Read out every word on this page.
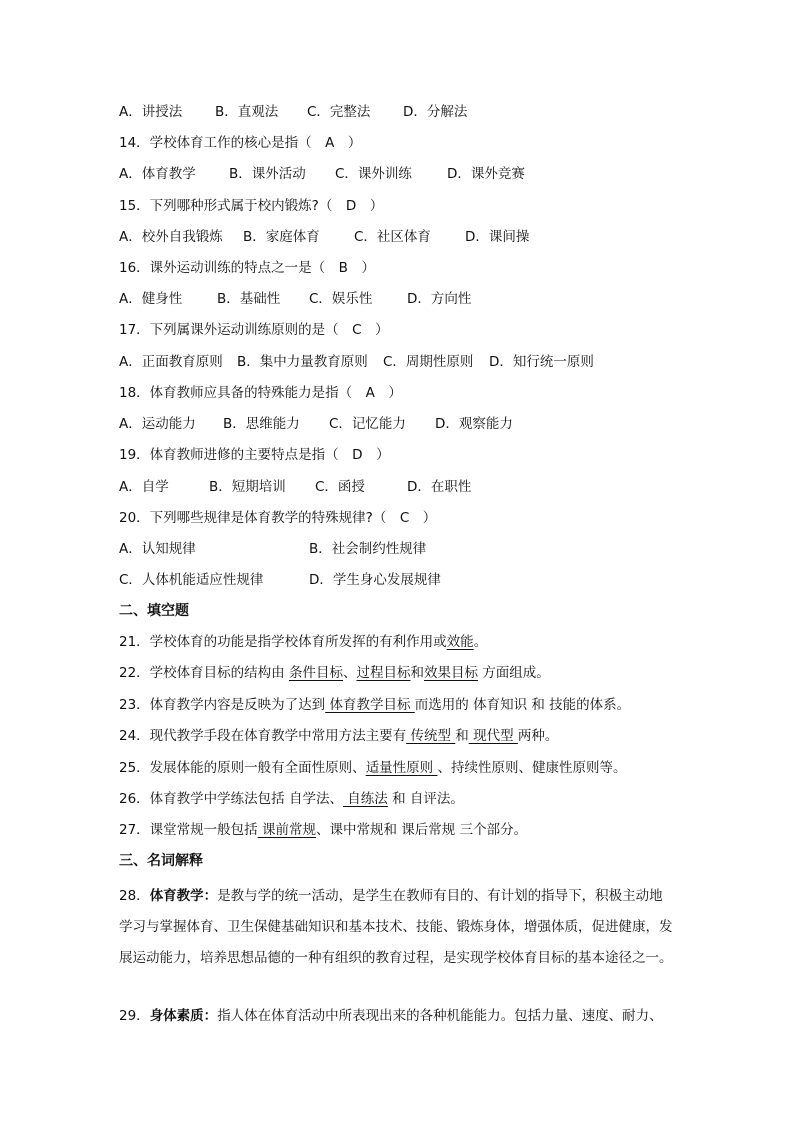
A．讲授法 B．直观法 C．完整法 D．分解法
14．学校体育工作的核心是指（　A　）
A．体育教学 B．课外活动 C．课外训练	D．课外竞赛
15．下列哪种形式属于校内锻炼?（　D　）
A．校外自我锻炼 B．家庭体育	C．社区体育	D．课间操
16．课外运动训练的特点之一是（　B　）
A．健身性	B．基础性 C．娱乐性	D．方向性
17．下列属课外运动训练原则的是（　C　）
A．正面教育原则 B．集中力量教育原则 C．周期性原则 D．知行统一原则
18．体育教师应具备的特殊能力是指（　A　）
A．运动能力 B．思维能力 C．记忆能力 D．观察能力
19．体育教师进修的主要特点是指（　D　）
A．自学	B．短期培训 C．函授	D．在职性
20．下列哪些规律是体育教学的特殊规律?（　C　）
A．认知规律	B．社会制约性规律
C．人体机能适应性规律	D．学生身心发展规律
二、填空题
21．学校体育的功能是指学校体育所发挥的有利作用或效能。
22．学校体育目标的结构由 条件目标、过程目标和效果目标 方面组成。
23．体育教学内容是反映为了达到 体育教学目标 而选用的 体育知识 和 技能的体系。
24．现代教学手段在体育教学中常用方法主要有 传统型 和 现代型 两种。
25．发展体能的原则一般有全面性原则、适量性原则 、持续性原则、健康性原则等。
26．体育教学中学练法包括 自学法、 自练法 和 自评法。
27．课堂常规一般包括 课前常规、课中常规和 课后常规 三个部分。
三、名词解释
28．体育教学：是教与学的统一活动，是学生在教师有目的、有计划的指导下，积极主动地学习与掌握体育、卫生保健基础知识和基本技术、技能、锻炼身体，增强体质，促进健康，发展运动能力，培养思想品德的一种有组织的教育过程，是实现学校体育目标的基本途径之一。
29．身体素质：指人体在体育活动中所表现出来的各种机能能力。包括力量、速度、耐力、
